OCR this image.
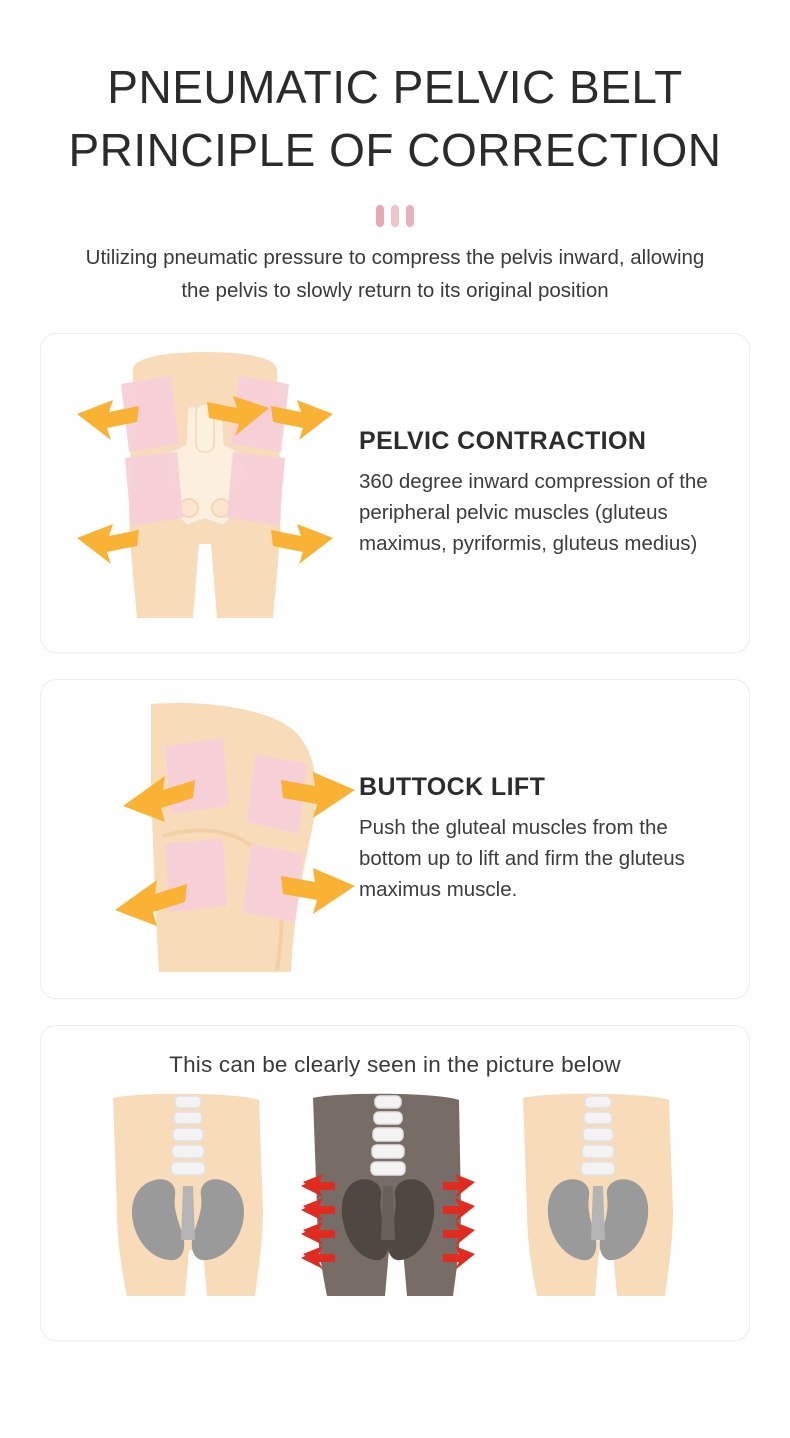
PNEUMATIC PELVIC BELT
PRINCIPLE OF CORRECTION

Utilizing pneumatic pressure to compress the pelvis inward, allowing the pelvis to slowly return to its original position

PELVIC CONTRACTION

360 degree inward compression of the peripheral pelvic muscles (gluteus maximus, pyriformis, gluteus medius)

BUTTOCK LIFT

Push the gluteal muscles from the bottom up to lift and firm the gluteus maximus muscle.

This can be clearly seen in the picture below
